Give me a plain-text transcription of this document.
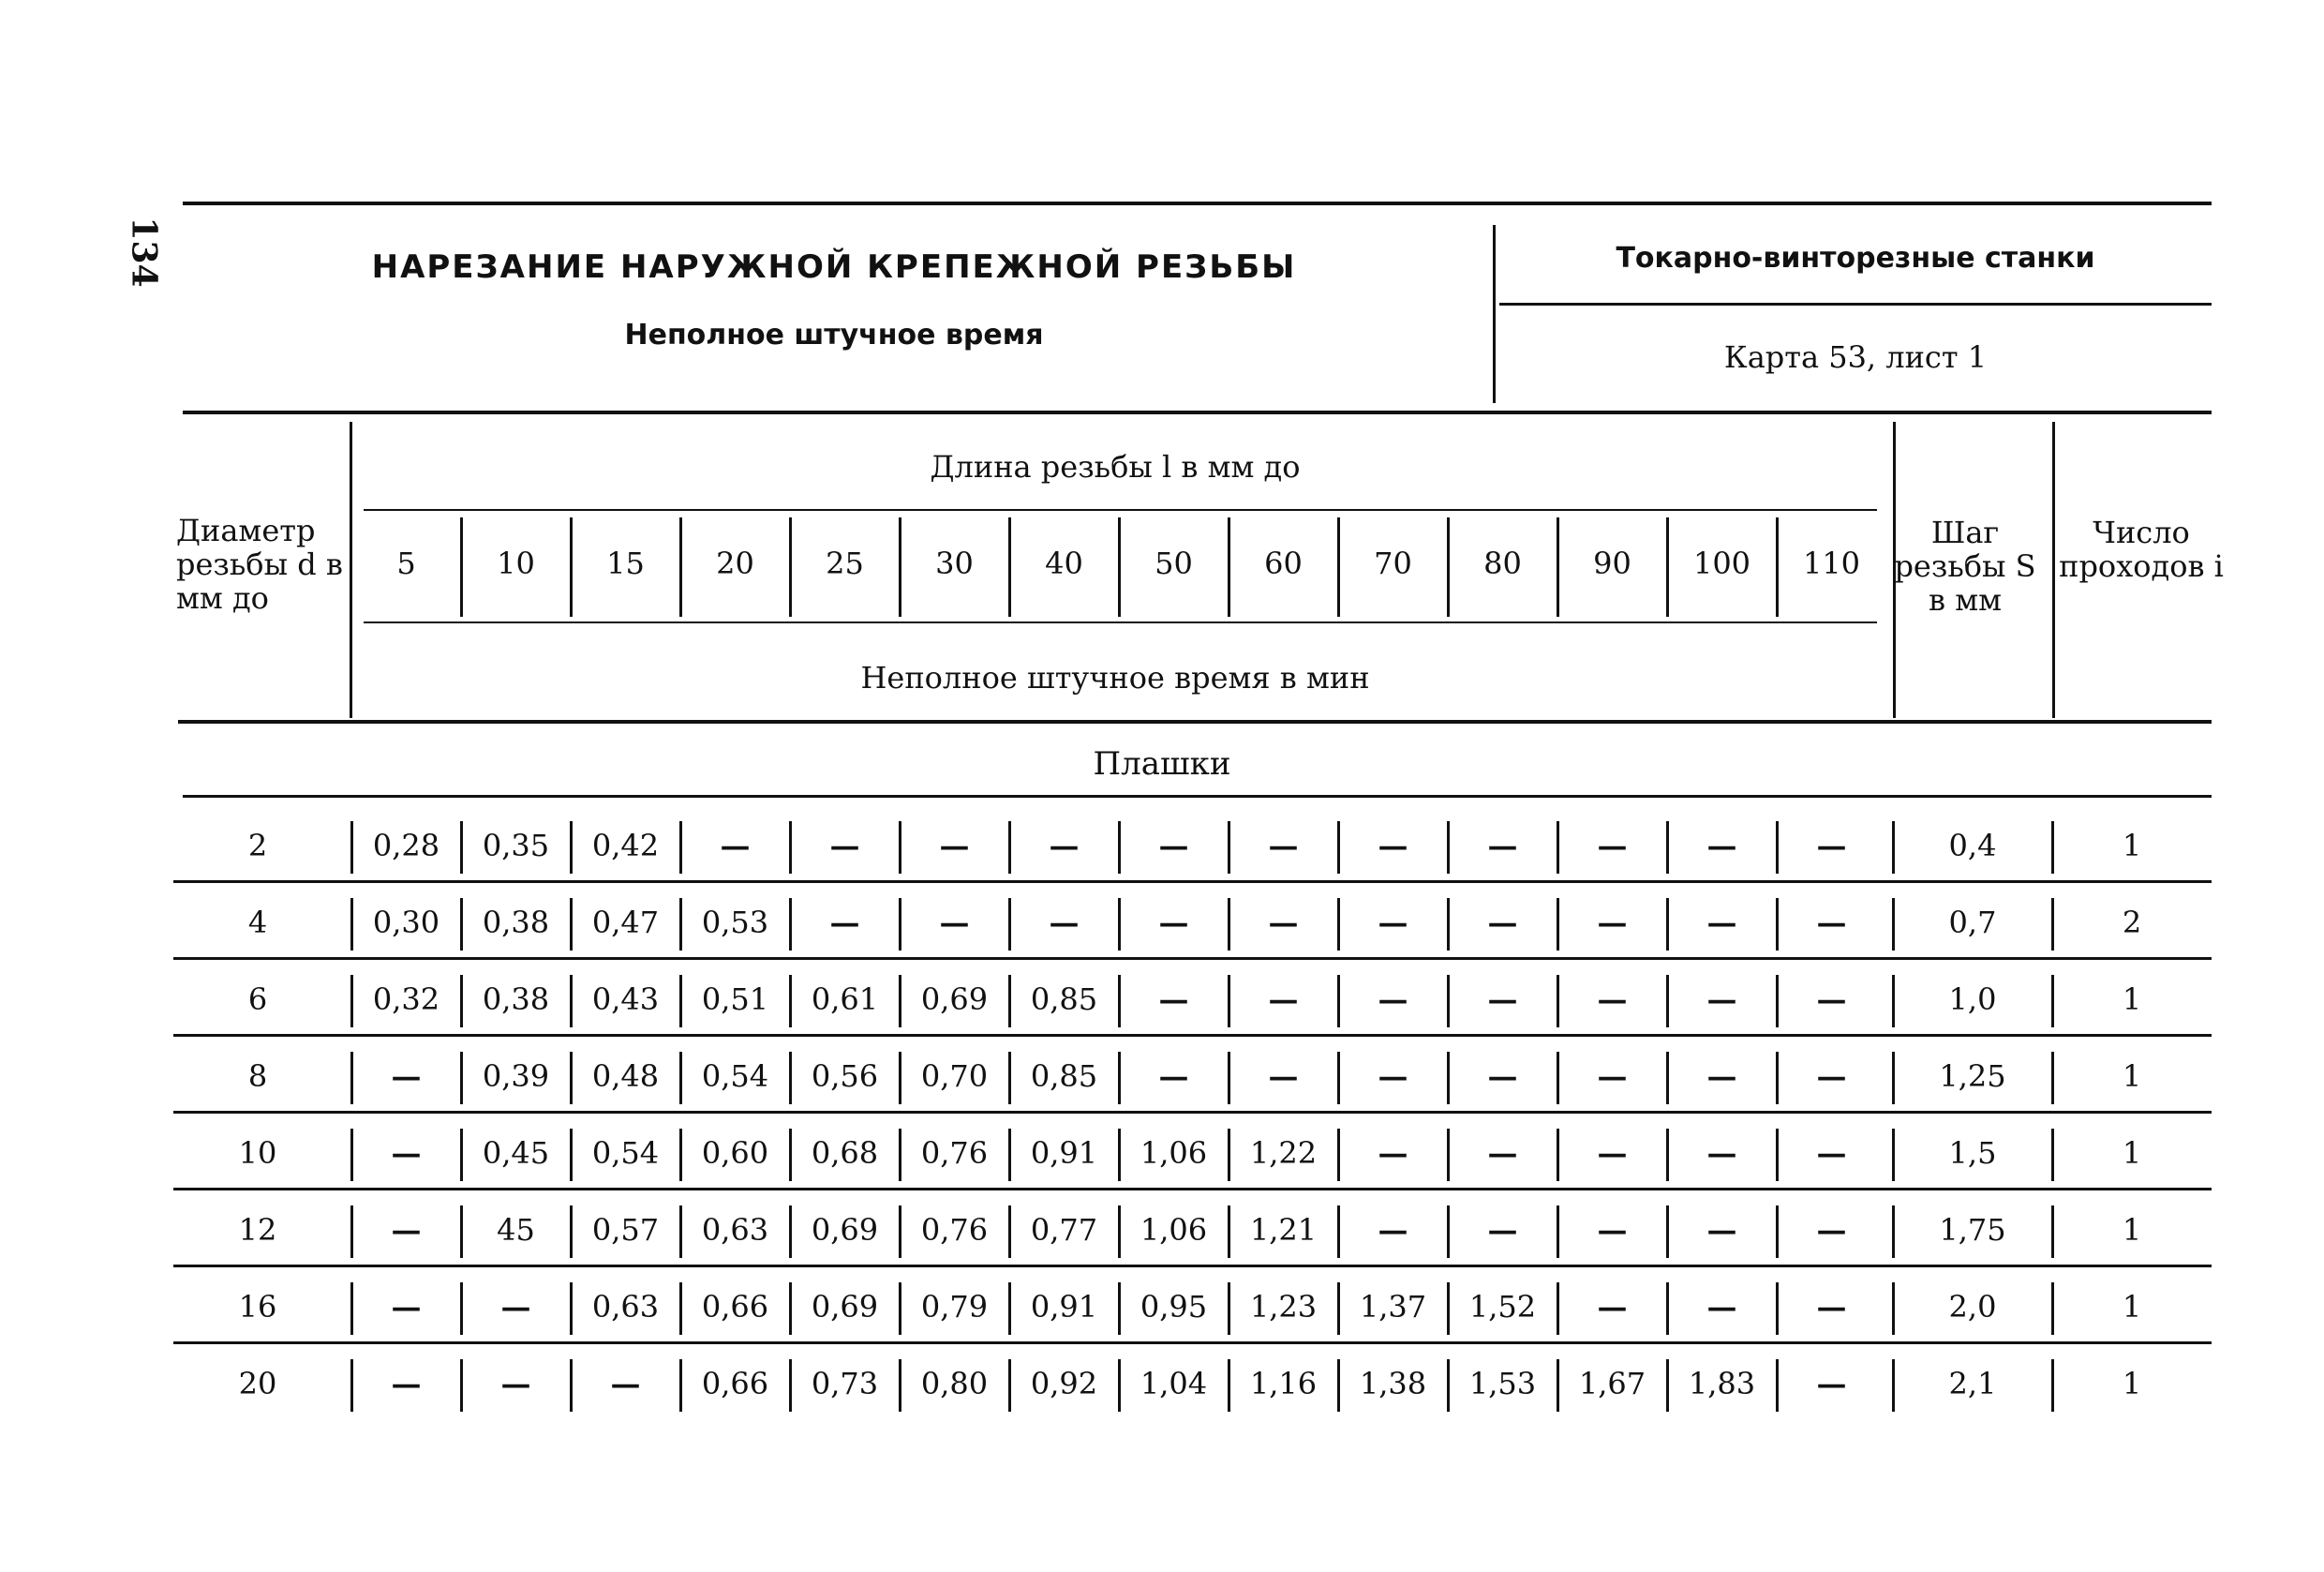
134	НАРЕЗАНИЕ НАРУЖНОЙ КРЕПЕЖНОЙ РЕЗЬБЫ
Неполное штучное время
Токарно-винторезные станки
Карта 53, лист 1
Диаметр резьбы d в мм до
Длина резьбы l в мм до
Неполное штучное время в мин
Шаг резьбы S в мм
Число проходов i
5	10	15	20	25	30	40	50	60	70	80	90	100	110
Плашки
2	0,28	0,35	0,42	—	—	—	—	—	—	—	—	—	—	—	0,4	1
4	0,30	0,38	0,47	0,53	—	—	—	—	—	—	—	—	—	—	0,7	2
6	0,32	0,38	0,43	0,51	0,61	0,69	0,85	—	—	—	—	—	—	—	1,0	1
8	—	0,39	0,48	0,54	0,56	0,70	0,85	—	—	—	—	—	—	—	1,25	1
10	—	0,45	0,54	0,60	0,68	0,76	0,91	1,06	1,22	—	—	—	—	—	1,5	1
12	—	45	0,57	0,63	0,69	0,76	0,77	1,06	1,21	—	—	—	—	—	1,75	1
16	—	—	0,63	0,66	0,69	0,79	0,91	0,95	1,23	1,37	1,52	—	—	—	2,0	1
20	—	—	—	0,66	0,73	0,80	0,92	1,04	1,16	1,38	1,53	1,67	1,83	—	2,1	1
